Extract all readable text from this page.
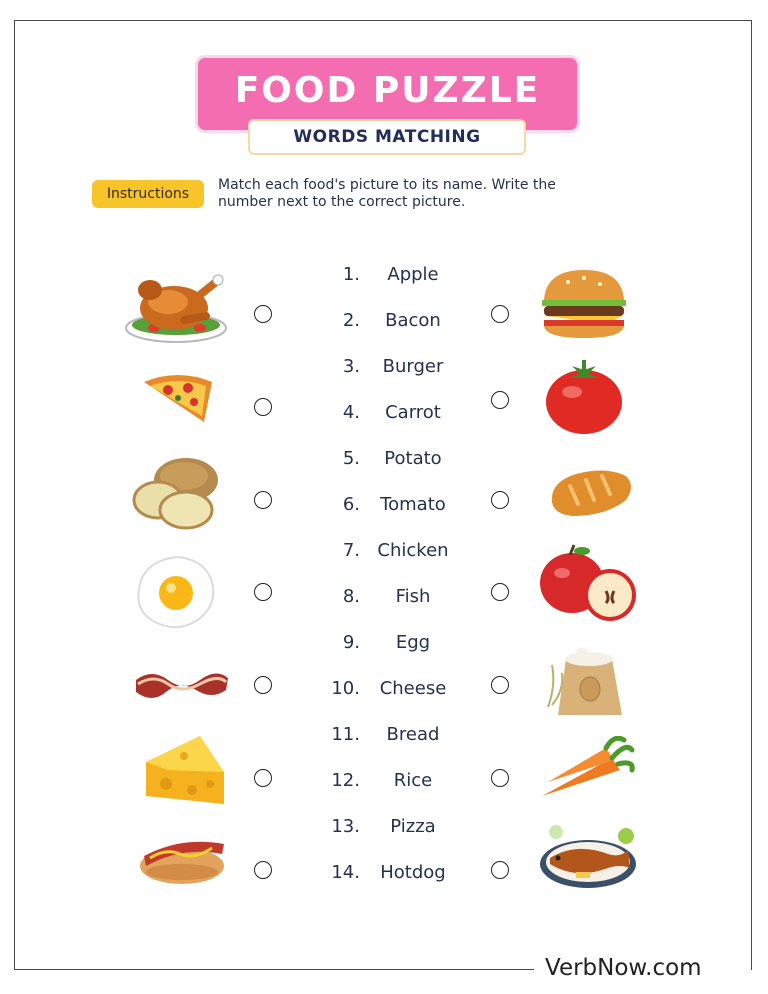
FOOD PUZZLE
WORDS MATCHING
Instructions
Match each food's picture to its name. Write the
number next to the correct picture.
1.	Apple
2.	Bacon
3.	Burger
4.	Carrot
5.	Potato
6.	Tomato
7. Chicken
8.	Fish
9.	Egg
10.	Cheese
11.	Bread
12.	Rice
13.	Pizza
14.	Hotdog
VerbNow.com
